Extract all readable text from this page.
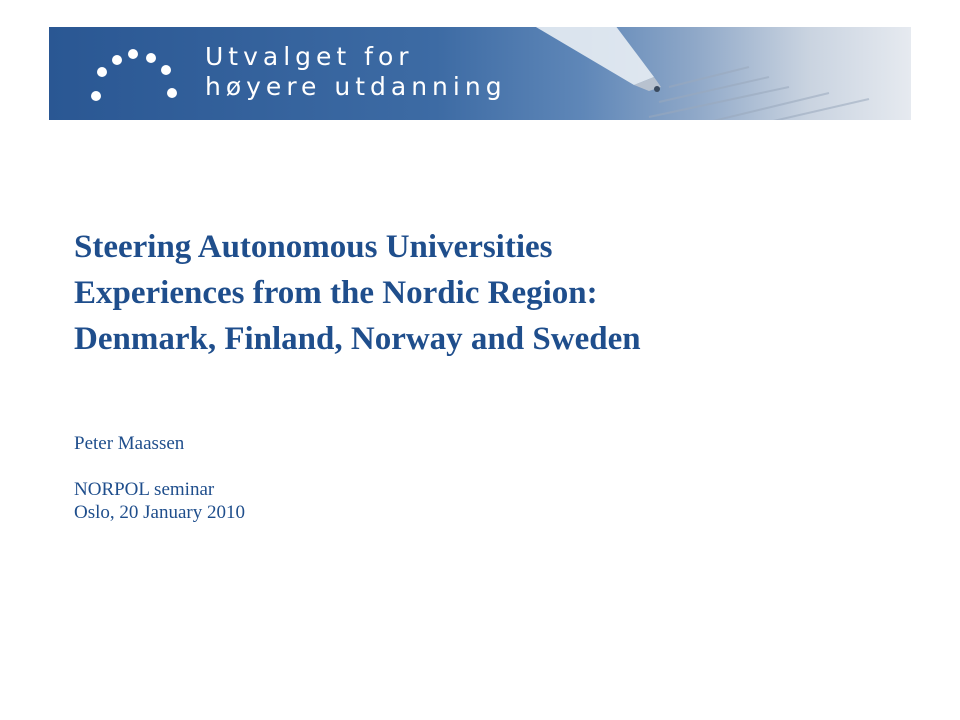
Utvalget for
høyere utdanning
Steering Autonomous Universities
Experiences from the Nordic Region:
Denmark, Finland, Norway and Sweden
Peter Maassen
NORPOL seminar
Oslo, 20 January 2010
